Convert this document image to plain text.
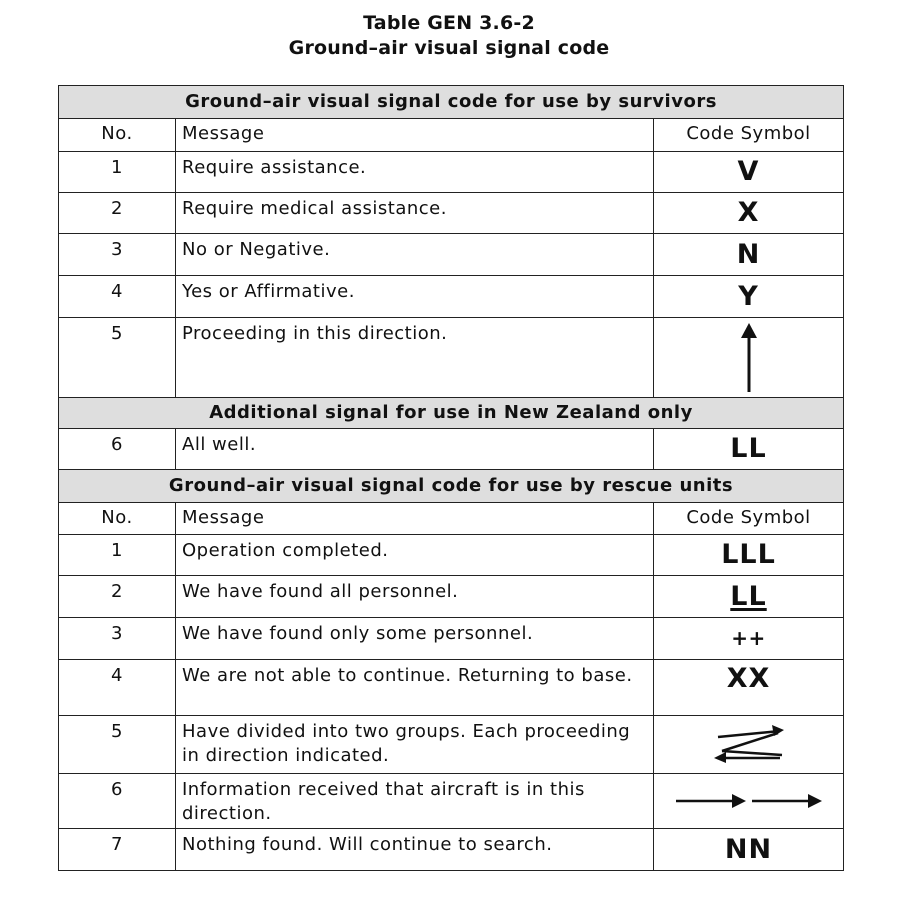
Table GEN 3.6-2
Ground–air visual signal code
Ground–air visual signal code for use by survivors		
No.	Message	Code Symbol
1	Require assistance.	V
2	Require medical assistance.	X
3	No or Negative.	N
4	Yes or Affirmative.	Y
5	Proceeding in this direction.	

Additional signal for use in New Zealand only		
6	All well.	LL
Ground–air visual signal code for use by rescue units		
No.	Message	Code Symbol
1	Operation completed.	LLL
2	We have found all personnel.	LL
3	We have found only some personnel.	++
4	We are not able to continue. Returning to base.	XX
5	Have divided into two groups. Each proceeding in direction indicated.	

6	Information received that aircraft is in this direction.	

7	Nothing found. Will continue to search.	NN
